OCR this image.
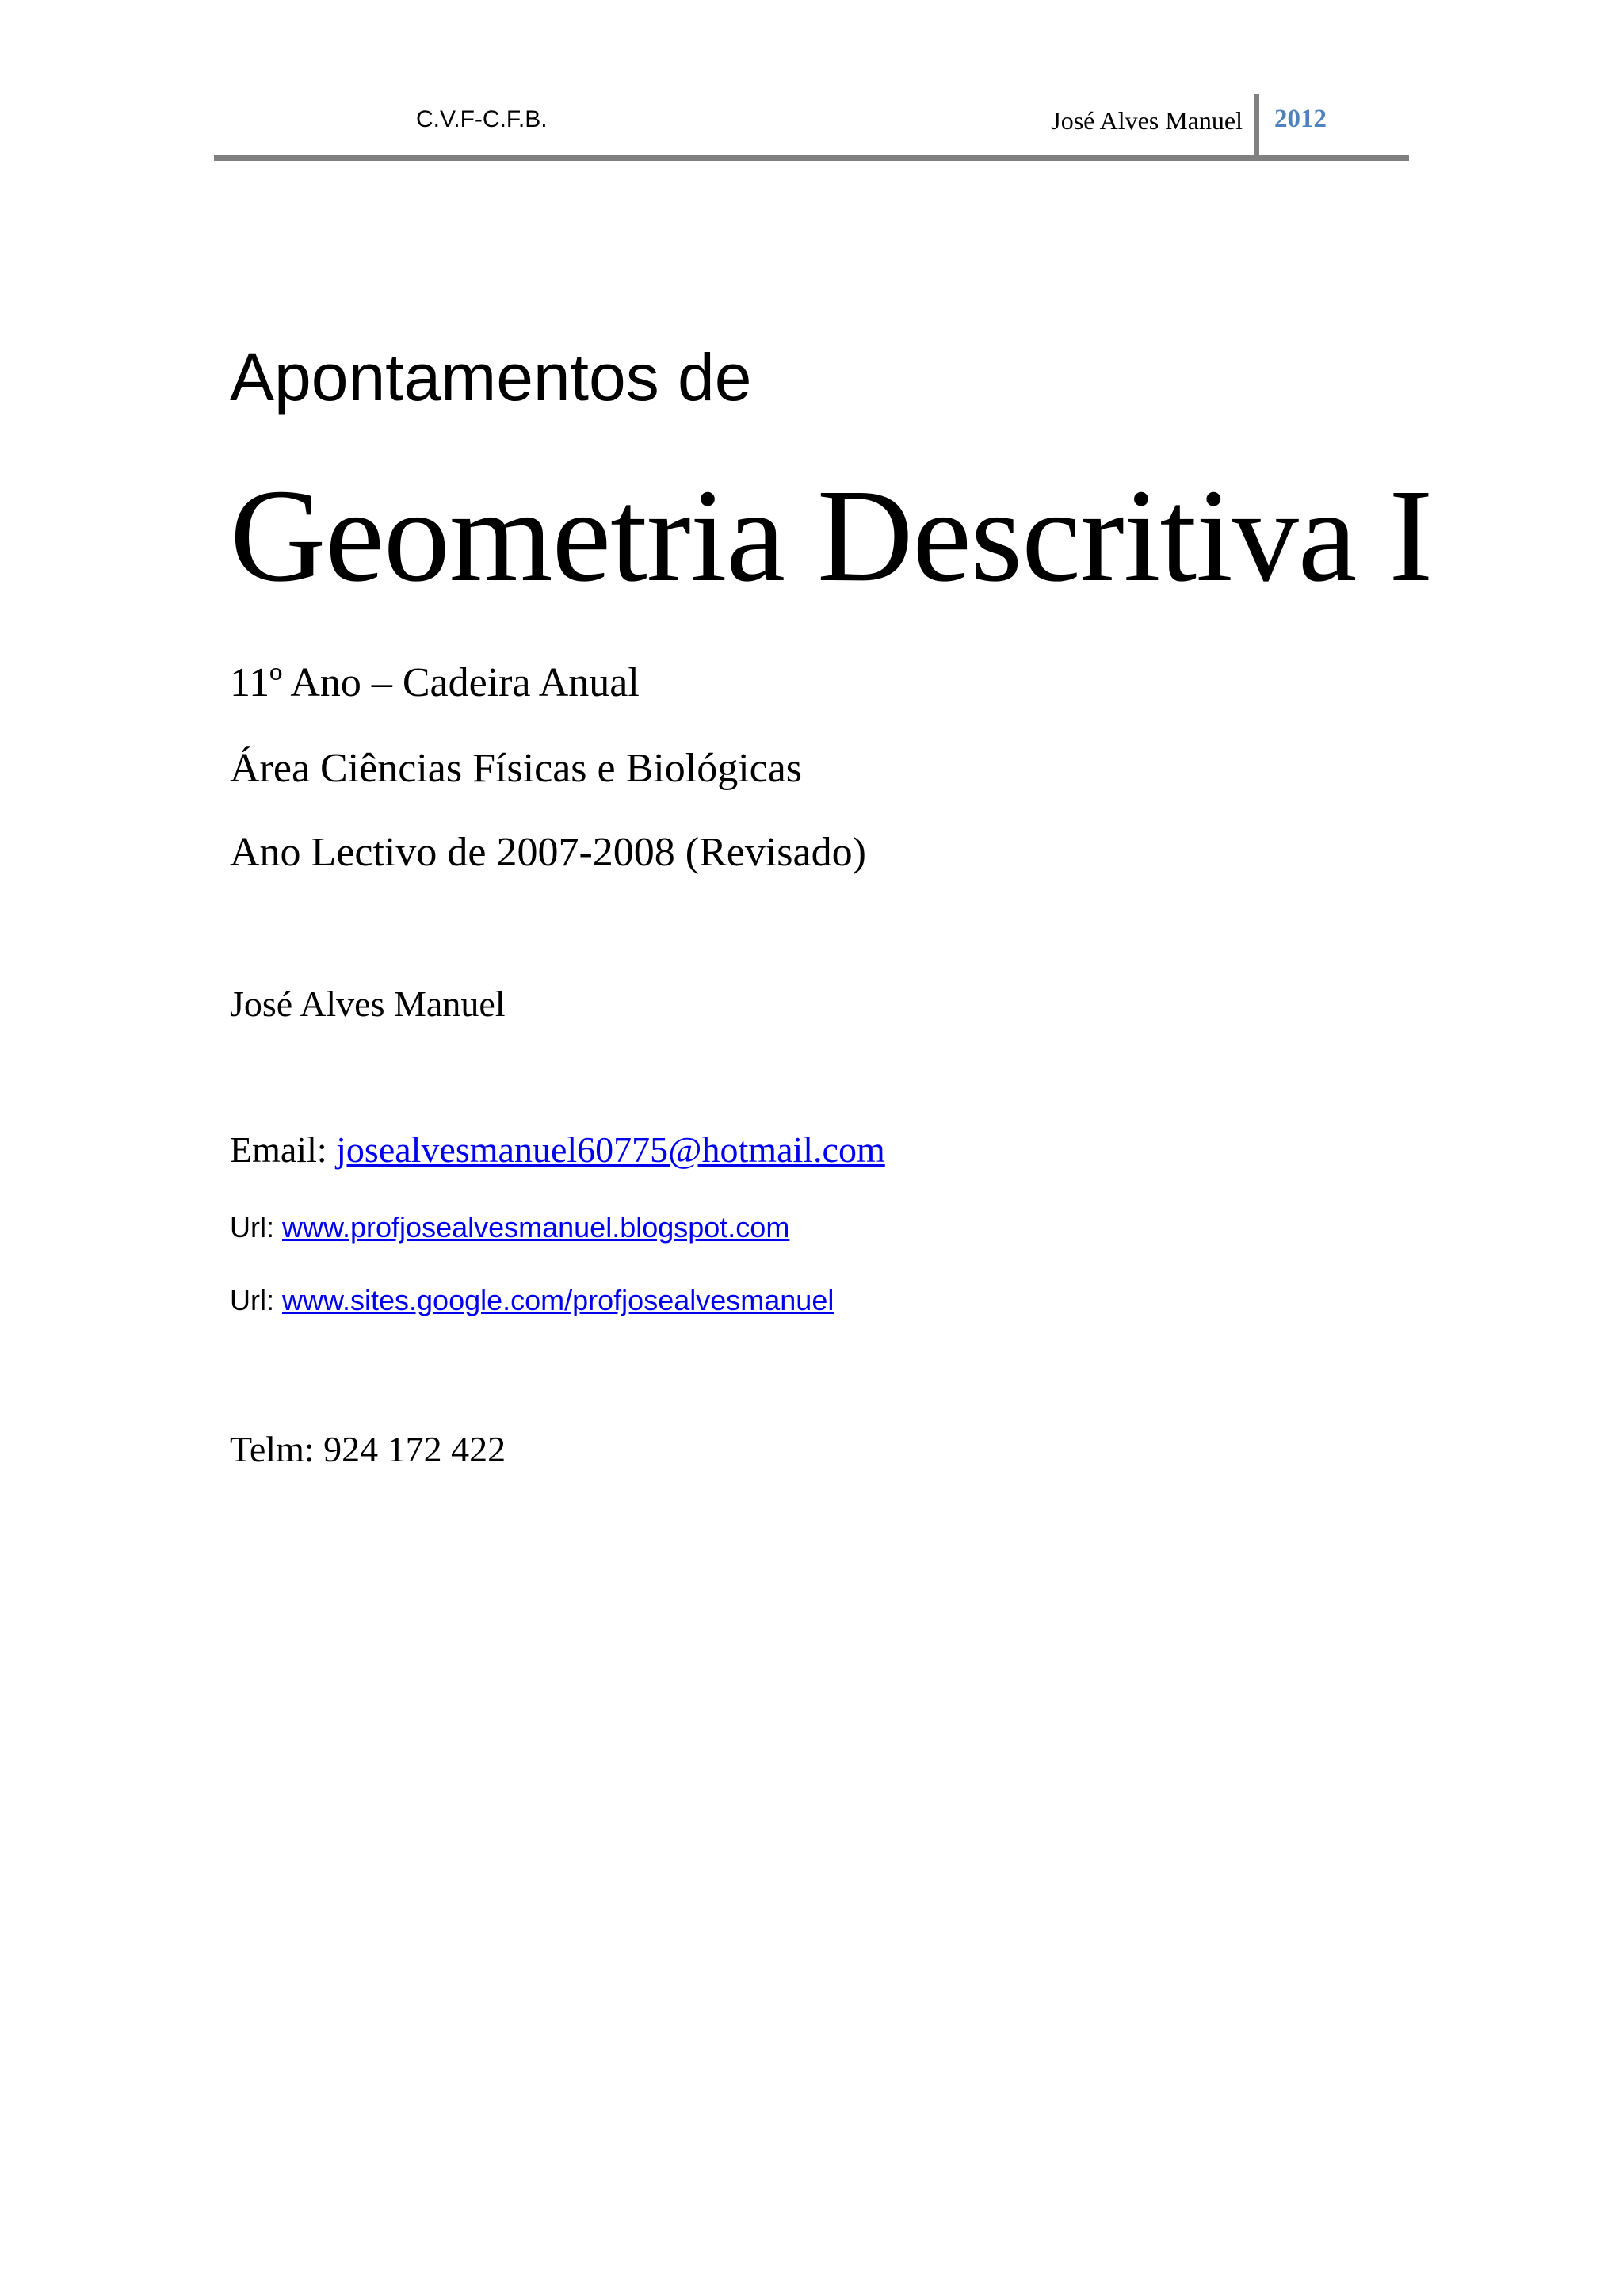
C.V.F-C.F.B.	José Alves Manuel 2012
Apontamentos de
Geometria Descritiva I
11º Ano – Cadeira Anual
Área Ciências Físicas e Biológicas
Ano Lectivo de 2007-2008 (Revisado)
José Alves Manuel
Email: josealvesmanuel60775@hotmail.com
Url: www.profjosealvesmanuel.blogspot.com
Url: www.sites.google.com/profjosealvesmanuel
Telm: 924 172 422
